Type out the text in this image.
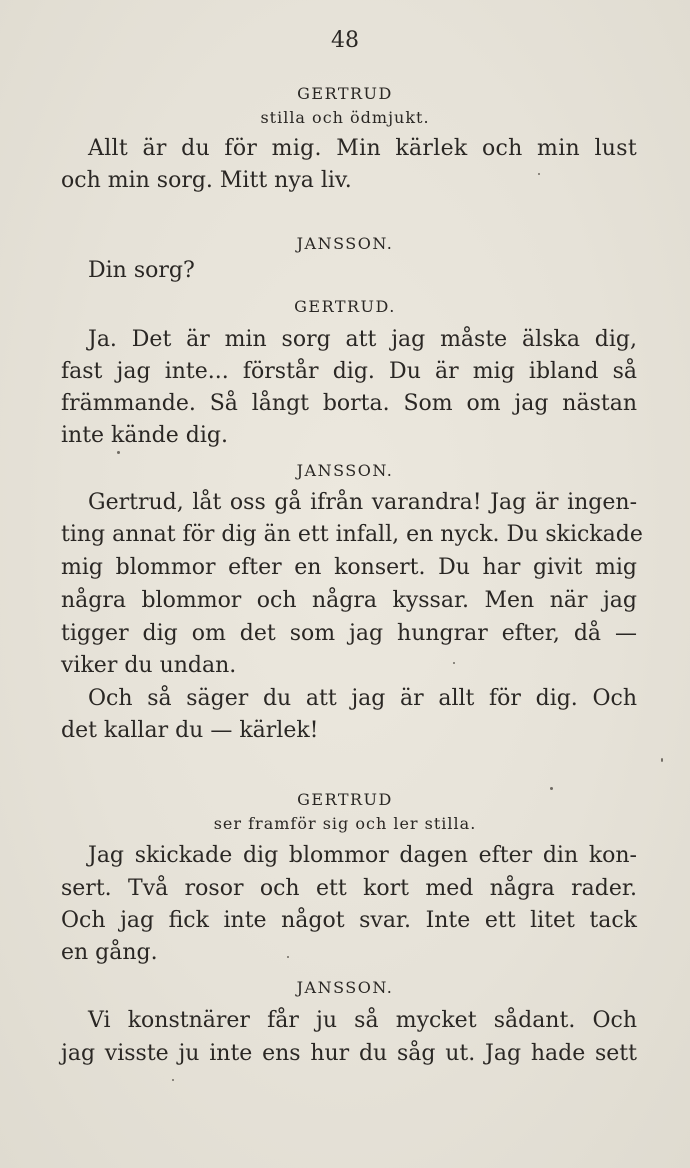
48
GERTRUD
stilla och ödmjukt.
Allt är du för mig. Min kärlek och min lust
och min sorg. Mitt nya liv.
JANSSON.
Din sorg?
GERTRUD.
Ja. Det är min sorg att jag måste älska dig,
fast jag inte... förstår dig. Du är mig ibland så
främmande. Så långt borta. Som om jag nästan
inte kände dig.
JANSSON.
Gertrud, låt oss gå ifrån varandra! Jag är ingen-
ting annat för dig än ett infall, en nyck. Du skickade
mig blommor efter en konsert. Du har givit mig
några blommor och några kyssar. Men när jag
tigger dig om det som jag hungrar efter, då —
viker du undan.
Och så säger du att jag är allt för dig. Och
det kallar du — kärlek!
GERTRUD
ser framför sig och ler stilla.
Jag skickade dig blommor dagen efter din kon-
sert. Två rosor och ett kort med några rader.
Och jag fick inte något svar. Inte ett litet tack
en gång.
JANSSON.
Vi konstnärer får ju så mycket sådant. Och
jag visste ju inte ens hur du såg ut. Jag hade sett
